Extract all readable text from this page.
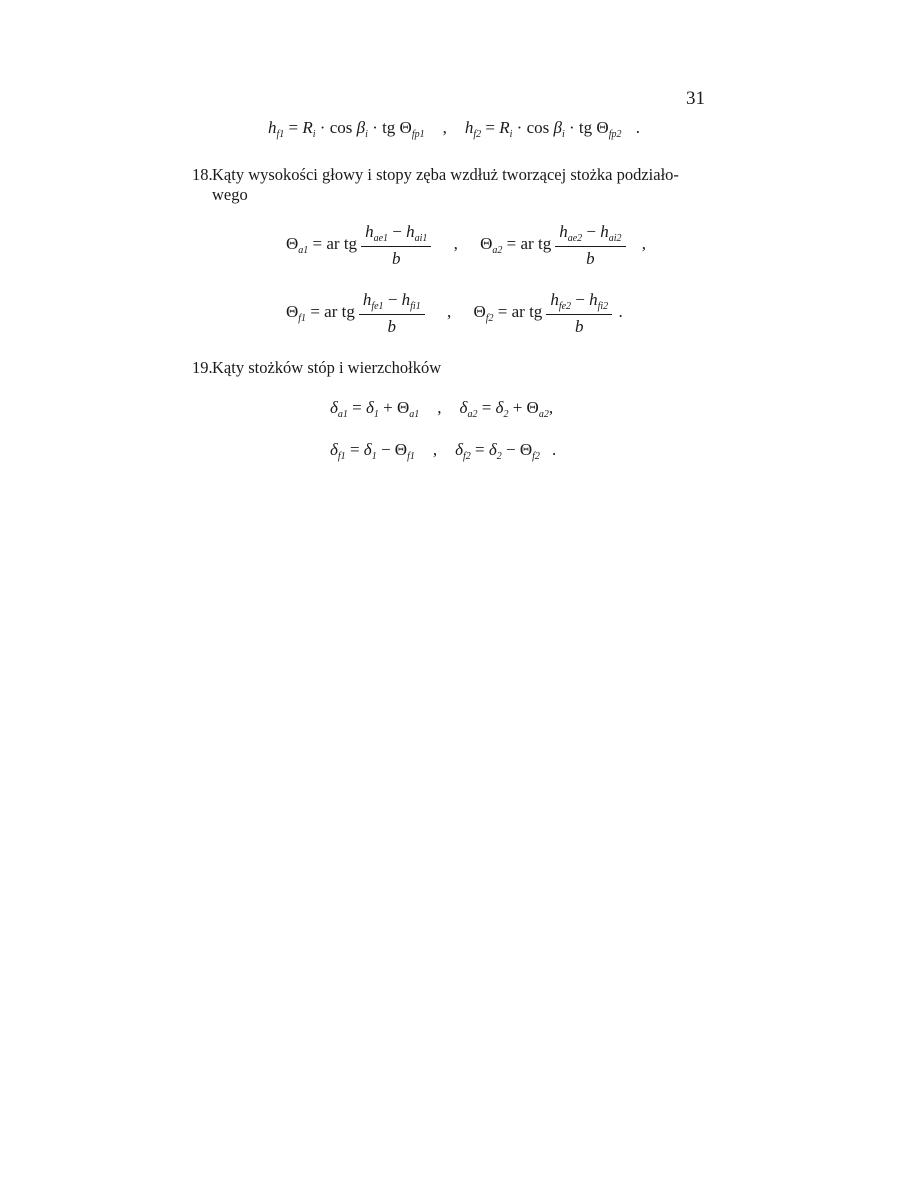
31
$h_{f1} = R_i \cdot \cos \beta_i$ · tg $\Theta_{fp1}$ , $h_{f2} = R_i \cdot \cos \beta_i$ · tg $\Theta_{fp2}$ .
18.Kąty wysokości głowy i stopy zęba wzdłuż tworzącej stożka podziało-
wego
$\Theta_{a1}$ = ar tg $\frac{h_{ae1} - h_{ai1}}{b}$ , $\Theta_{a2}$ = ar tg $\frac{h_{ae2} - h_{ai2}}{b}$ ,
$\Theta_{f1}$ = ar tg $\frac{h_{fe1} - h_{fi1}}{b}$ , $\Theta_{f2}$ = ar tg $\frac{h_{fe2} - h_{fi2}}{b}$ .
19.Kąty stożków stóp i wierzchołków
$\delta_{a1} = \delta_1 + \Theta_{a1}$ , $\delta_{a2} = \delta_2 + \Theta_{a2}$,
$\delta_{f1} = \delta_1 - \Theta_{f1}$ , $\delta_{f2} = \delta_2 - \Theta_{f2}$ .
